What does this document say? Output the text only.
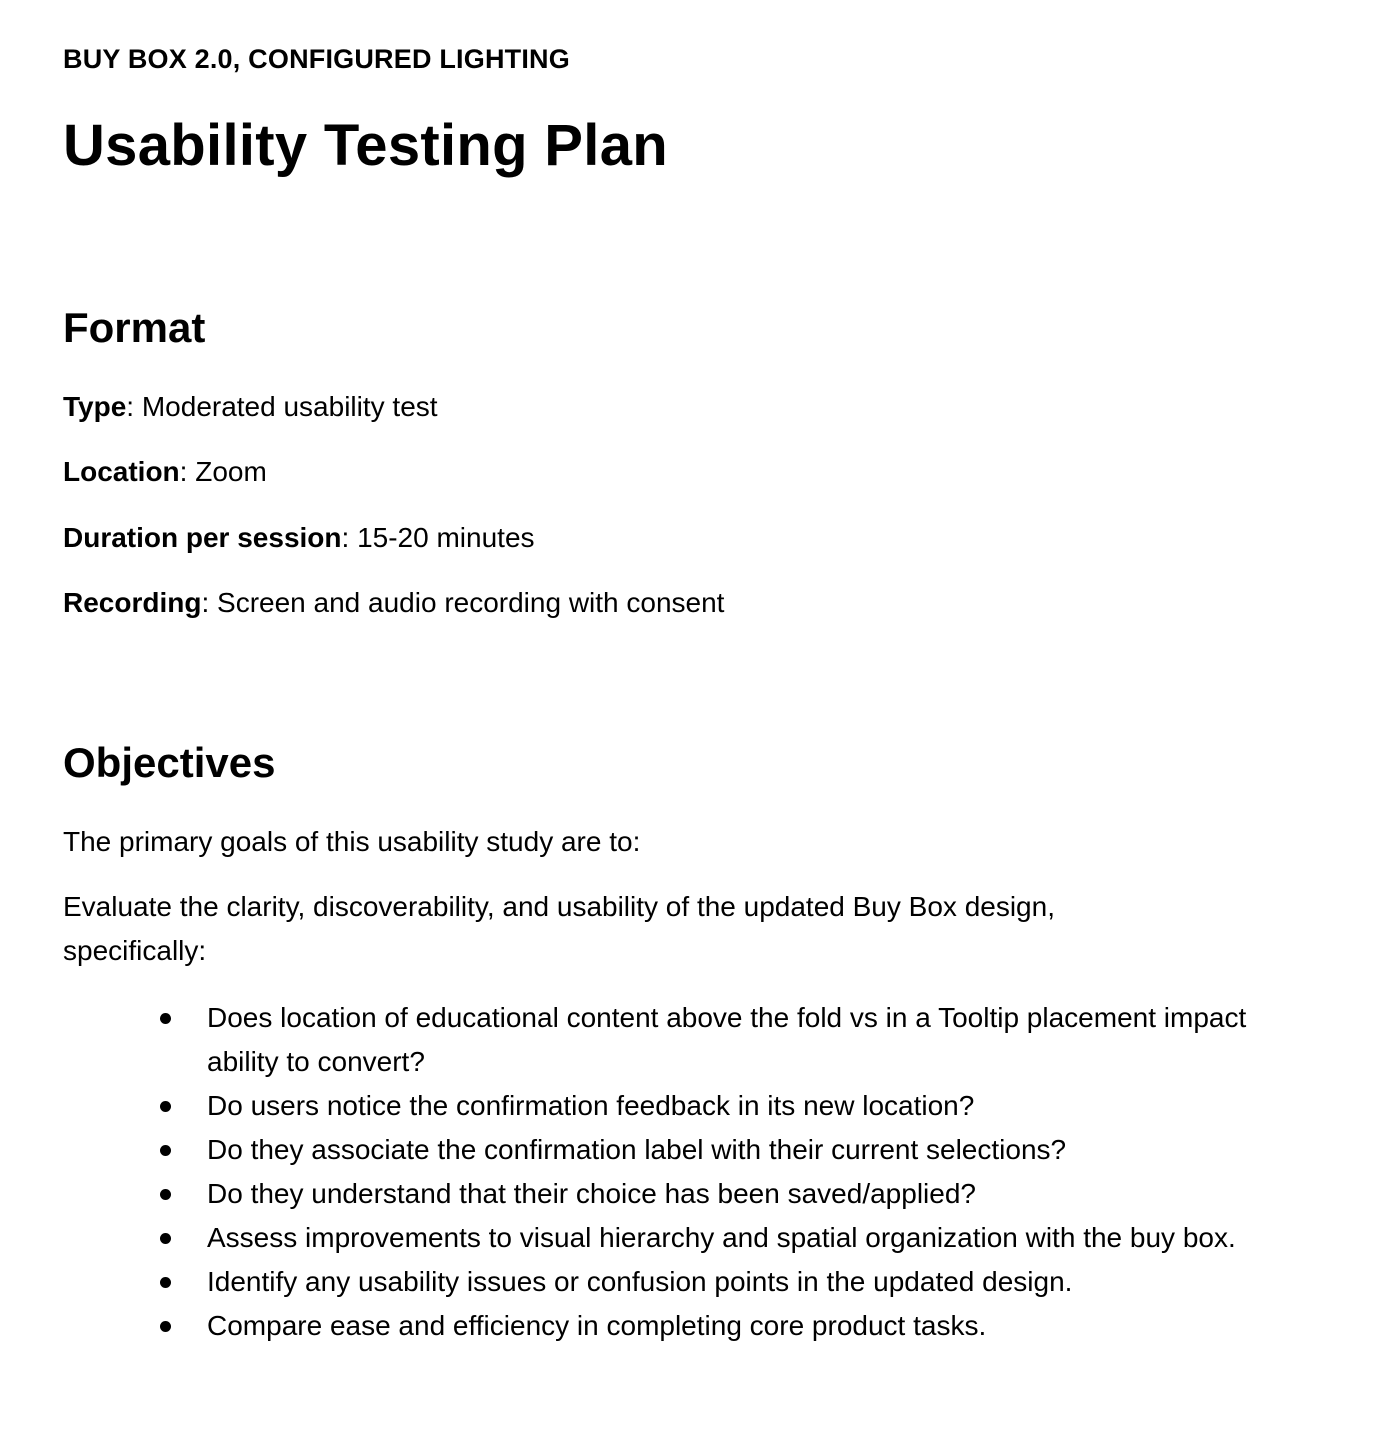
BUY BOX 2.0, CONFIGURED LIGHTING
Usability Testing Plan
Format
Type: Moderated usability test
Location: Zoom
Duration per session: 15-20 minutes
Recording: Screen and audio recording with consent
Objectives

The primary goals of this usability study are to:

Evaluate the clarity, discoverability, and usability of the updated Buy Box design, specifically:

Does location of educational content above the fold vs in a Tooltip placement impact ability to convert?
Do users notice the confirmation feedback in its new location?
Do they associate the confirmation label with their current selections?
Do they understand that their choice has been saved/applied?
Assess improvements to visual hierarchy and spatial organization with the buy box.
Identify any usability issues or confusion points in the updated design.
Compare ease and efficiency in completing core product tasks.
